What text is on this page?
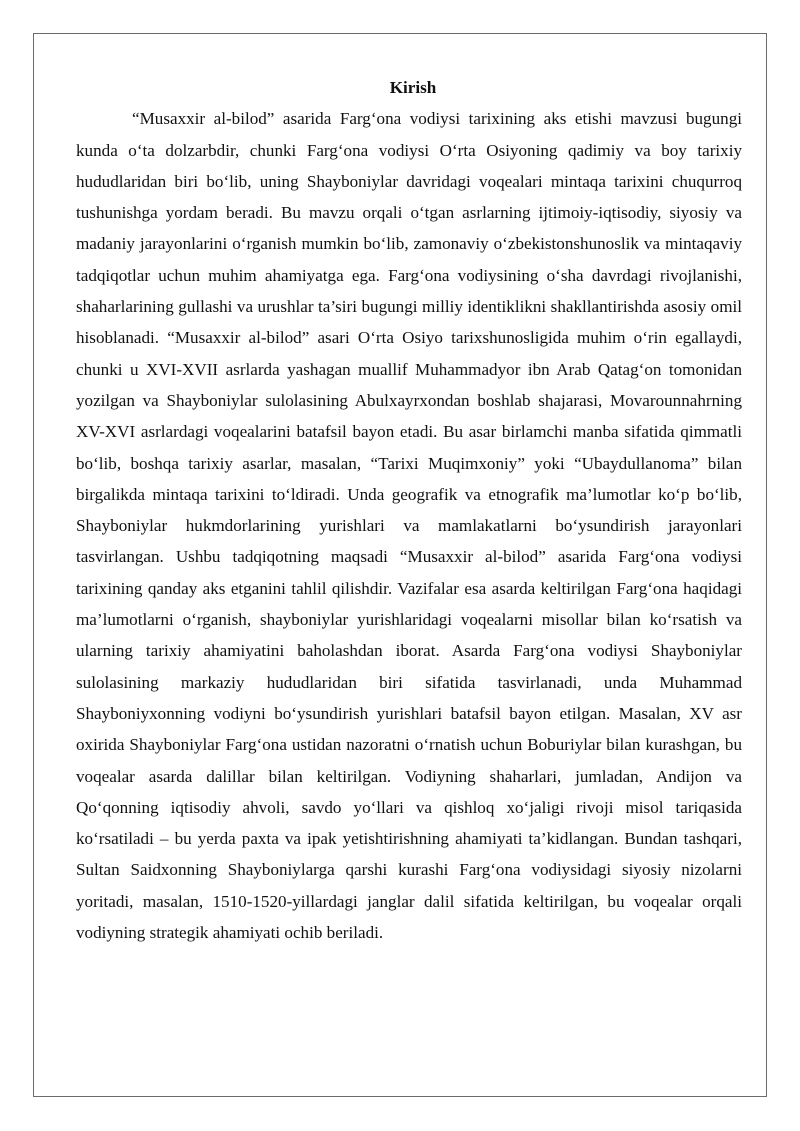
Kirish

“Musaxxir al-bilod” asarida Farg‘ona vodiysi tarixining aks etishi mavzusi bugungi kunda o‘ta dolzarbdir, chunki Farg‘ona vodiysi O‘rta Osiyoning qadimiy va boy tarixiy hududlaridan biri bo‘lib, uning Shayboniylar davridagi voqealari mintaqa tarixini chuqurroq tushunishga yordam beradi. Bu mavzu orqali o‘tgan asrlarning ijtimoiy-iqtisodiy, siyosiy va madaniy jarayonlarini o‘rganish mumkin bo‘lib, zamonaviy o‘zbekistonshunoslik va mintaqaviy tadqiqotlar uchun muhim ahamiyatga ega. Farg‘ona vodiysining o‘sha davrdagi rivojlanishi, shaharlarining gullashi va urushlar ta’siri bugungi milliy identiklikni shakllantirishda asosiy omil hisoblanadi. “Musaxxir al-bilod” asari O‘rta Osiyo tarixshunosligida muhim o‘rin egallaydi, chunki u XVI-XVII asrlarda yashagan muallif Muhammadyor ibn Arab Qatag‘on tomonidan yozilgan va Shayboniylar sulolasining Abulxayrxondan boshlab shajarasi, Movarounnahrning XV-XVI asrlardagi voqealarini batafsil bayon etadi. Bu asar birlamchi manba sifatida qimmatli bo‘lib, boshqa tarixiy asarlar, masalan, “Tarixi Muqimxoniy” yoki “Ubaydullanoma” bilan birgalikda mintaqa tarixini to‘ldiradi. Unda geografik va etnografik ma’lumotlar ko‘p bo‘lib, Shayboniylar hukmdorlarining yurishlari va mamlakatlarni bo‘ysundirish jarayonlari tasvirlangan. Ushbu tadqiqotning maqsadi “Musaxxir al-bilod” asarida Farg‘ona vodiysi tarixining qanday aks etganini tahlil qilishdir. Vazifalar esa asarda keltirilgan Farg‘ona haqidagi ma’lumotlarni o‘rganish, shayboniylar yurishlaridagi voqealarni misollar bilan ko‘rsatish va ularning tarixiy ahamiyatini baholashdan iborat. Asarda Farg‘ona vodiysi Shayboniylar sulolasining markaziy hududlaridan biri sifatida tasvirlanadi, unda Muhammad Shayboniyxonning vodiyni bo‘ysundirish yurishlari batafsil bayon etilgan. Masalan, XV asr oxirida Shayboniylar Farg‘ona ustidan nazoratni o‘rnatish uchun Boburiylar bilan kurashgan, bu voqealar asarda dalillar bilan keltirilgan. Vodiyning shaharlari, jumladan, Andijon va Qo‘qonning iqtisodiy ahvoli, savdo yo‘llari va qishloq xo‘jaligi rivoji misol tariqasida ko‘rsatiladi – bu yerda paxta va ipak yetishtirishning ahamiyati ta’kidlangan. Bundan tashqari, Sultan Saidxonning Shayboniylarga qarshi kurashi Farg‘ona vodiysidagi siyosiy nizolarni yoritadi, masalan, 1510-1520-yillardagi janglar dalil sifatida keltirilgan, bu voqealar orqali vodiyning strategik ahamiyati ochib beriladi.
